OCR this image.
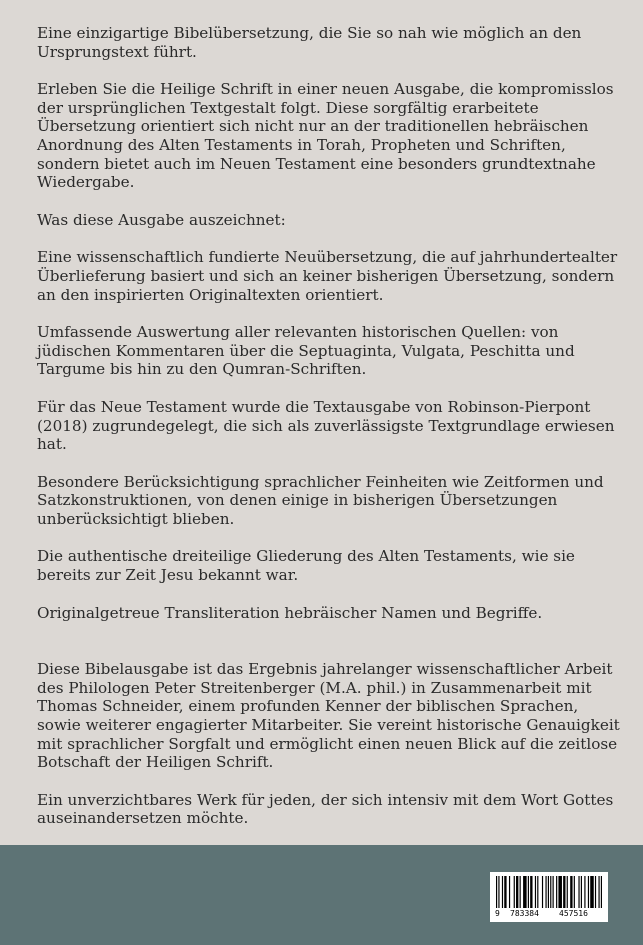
Eine einzigartige Bibelübersetzung, die Sie so nah wie möglich an den Ursprungstext führt.

Erleben Sie die Heilige Schrift in einer neuen Ausgabe, die kompromisslos der ursprünglichen Textgestalt folgt. Diese sorgfältig erarbeitete Übersetzung orientiert sich nicht nur an der traditionellen hebräischen Anordnung des Alten Testaments in Torah, Propheten und Schriften, sondern bietet auch im Neuen Testament eine besonders grundtextnahe Wiedergabe.

Was diese Ausgabe auszeichnet:

Eine wissenschaftlich fundierte Neuübersetzung, die auf jahrhundertealter Überlieferung basiert und sich an keiner bisherigen Übersetzung, sondern an den inspirierten Originaltexten orientiert.

Umfassende Auswertung aller relevanten historischen Quellen: von jüdischen Kommentaren über die Septuaginta, Vulgata, Peschitta und Targume bis hin zu den Qumran-Schriften.

Für das Neue Testament wurde die Textausgabe von Robinson-Pierpont (2018) zugrundegelegt, die sich als zuverlässigste Textgrundlage erwiesen hat.

Besondere Berücksichtigung sprachlicher Feinheiten wie Zeitformen und Satzkonstruktionen, von denen einige in bisherigen Übersetzungen unberücksichtigt blieben.

Die authentische dreiteilige Gliederung des Alten Testaments, wie sie bereits zur Zeit Jesu bekannt war.

Originalgetreue Transliteration hebräischer Namen und Begriffe.

Diese Bibelausgabe ist das Ergebnis jahrelanger wissenschaftlicher Arbeit des Philologen Peter Streitenberger (M.A. phil.) in Zusammenarbeit mit Thomas Schneider, einem profunden Kenner der biblischen Sprachen, sowie weiterer engagierter Mitarbeiter. Sie vereint historische Genauigkeit mit sprachlicher Sorgfalt und ermöglicht einen neuen Blick auf die zeitlose Botschaft der Heiligen Schrift.

Ein unverzichtbares Werk für jeden, der sich intensiv mit dem Wort Gottes auseinandersetzen möchte.

9 783384	457516
